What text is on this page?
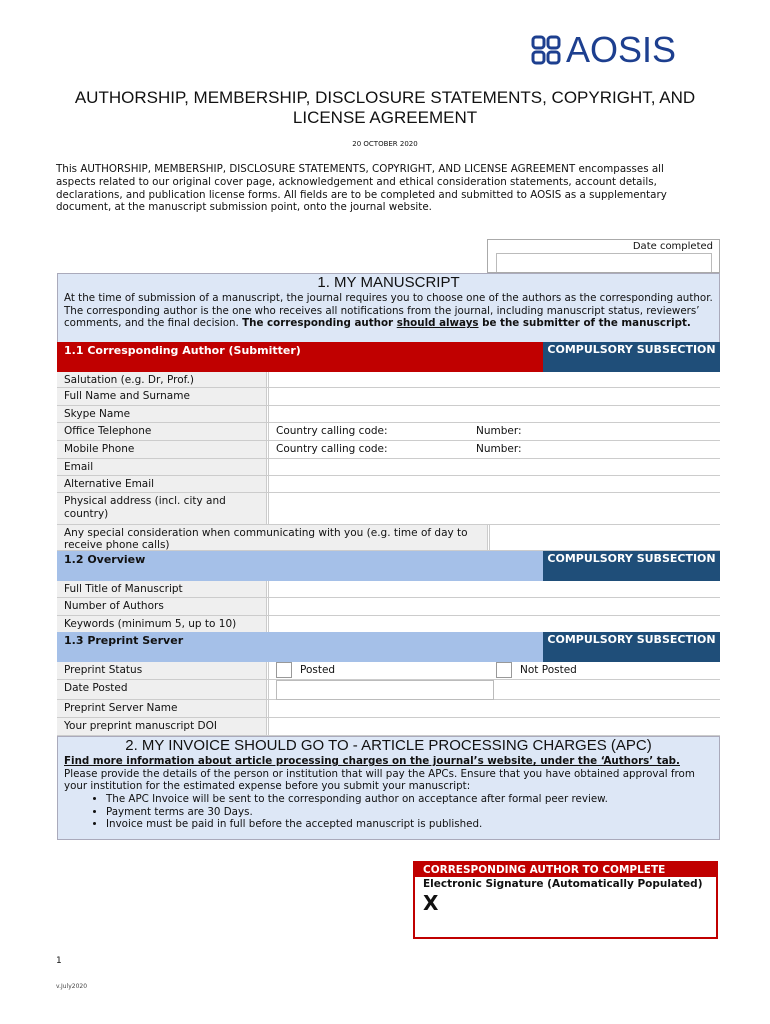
AOSIS
AUTHORSHIP, MEMBERSHIP, DISCLOSURE STATEMENTS, COPYRIGHT, AND LICENSE AGREEMENT
20 OCTOBER 2020
This AUTHORSHIP, MEMBERSHIP, DISCLOSURE STATEMENTS, COPYRIGHT, AND LICENSE AGREEMENT encompasses all aspects related to our original cover page, acknowledgement and ethical consideration statements, account details, declarations, and publication license forms. All fields are to be completed and submitted to AOSIS as a supplementary document, at the manuscript submission point, onto the journal website.
Date completed
1. MY MANUSCRIPT
At the time of submission of a manuscript, the journal requires you to choose one of the authors as the corresponding author. The corresponding author is the one who receives all notifications from the journal, including manuscript status, reviewers’ comments, and the final decision. The corresponding author should always be the submitter of the manuscript.
1.1 Corresponding Author (Submitter)	COMPULSORY SUBSECTION
Salutation (e.g. Dr, Prof.)
Full Name and Surname
Skype Name
Office Telephone	Country calling code:	Number:
Mobile Phone	Country calling code:	Number:
Email
Alternative Email
Physical address (incl. city and country)
Any special consideration when communicating with you (e.g. time of day to receive phone calls)
1.2 Overview	COMPULSORY SUBSECTION
Full Title of Manuscript
Number of Authors
Keywords (minimum 5, up to 10)
1.3 Preprint Server	COMPULSORY SUBSECTION
Preprint Status	Posted	Not Posted
Date Posted
Preprint Server Name
Your preprint manuscript DOI
2. MY INVOICE SHOULD GO TO - ARTICLE PROCESSING CHARGES (APC)
Find more information about article processing charges on the journal’s website, under the ‘Authors’ tab. Please provide the details of the person or institution that will pay the APCs. Ensure that you have obtained approval from your institution for the estimated expense before you submit your manuscript:
• The APC Invoice will be sent to the corresponding author on acceptance after formal peer review.
• Payment terms are 30 Days.
• Invoice must be paid in full before the accepted manuscript is published.
CORRESPONDING AUTHOR TO COMPLETE
Electronic Signature (Automatically Populated)
X
1
v.July2020
